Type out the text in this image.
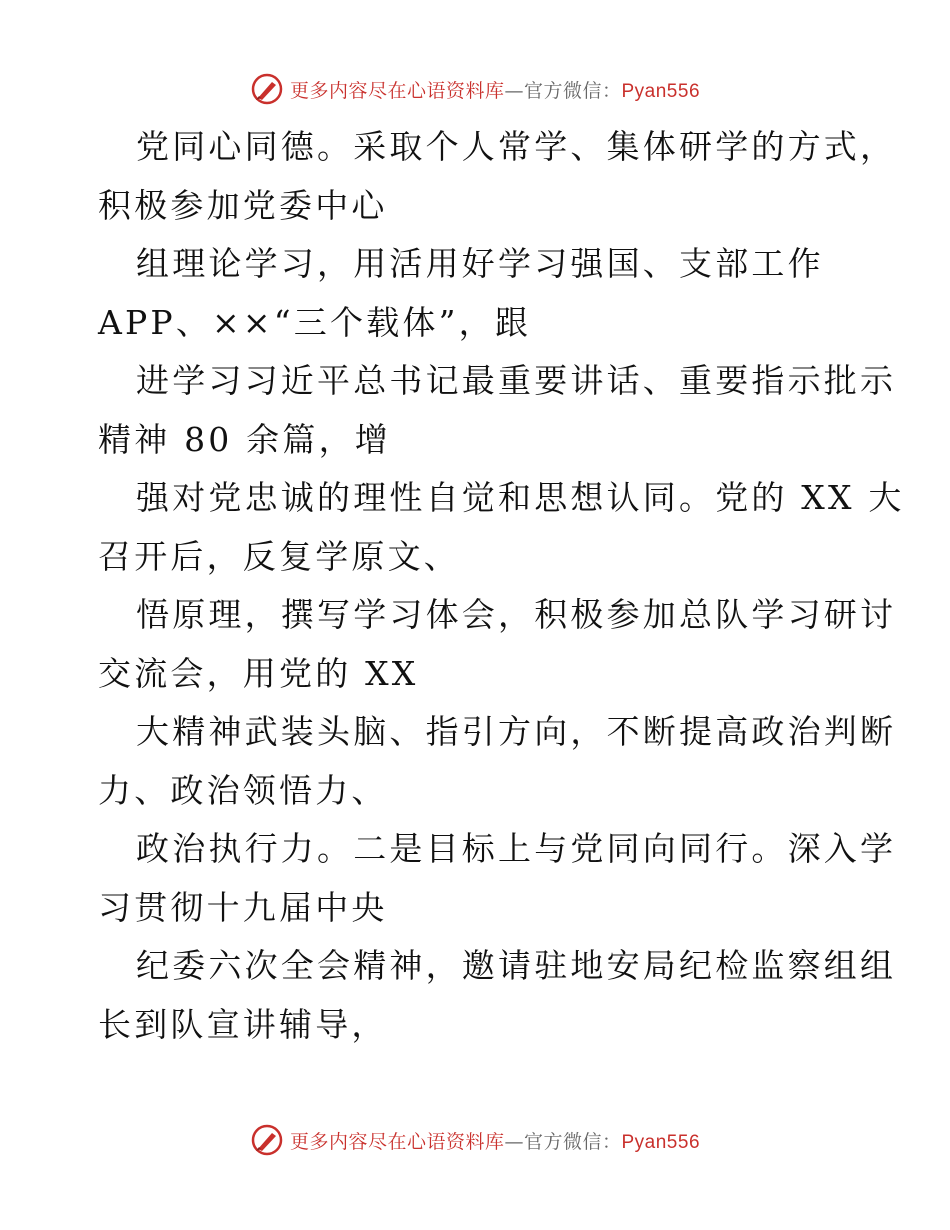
更多内容尽在心语资料库—官方微信：Pyan556
党同心同德。采取个人常学、集体研学的方式，
积极参加党委中心
组理论学习，用活用好学习强国、支部工作
APP、××“三个载体”，跟
进学习习近平总书记最重要讲话、重要指示批示
精神 80 余篇，增
强对党忠诚的理性自觉和思想认同。党的 XX 大
召开后，反复学原文、
悟原理，撰写学习体会，积极参加总队学习研讨
交流会，用党的 XX
大精神武装头脑、指引方向，不断提高政治判断
力、政治领悟力、
政治执行力。二是目标上与党同向同行。深入学
习贯彻十九届中央
纪委六次全会精神，邀请驻地安局纪检监察组组
长到队宣讲辅导，
更多内容尽在心语资料库—官方微信：Pyan556
